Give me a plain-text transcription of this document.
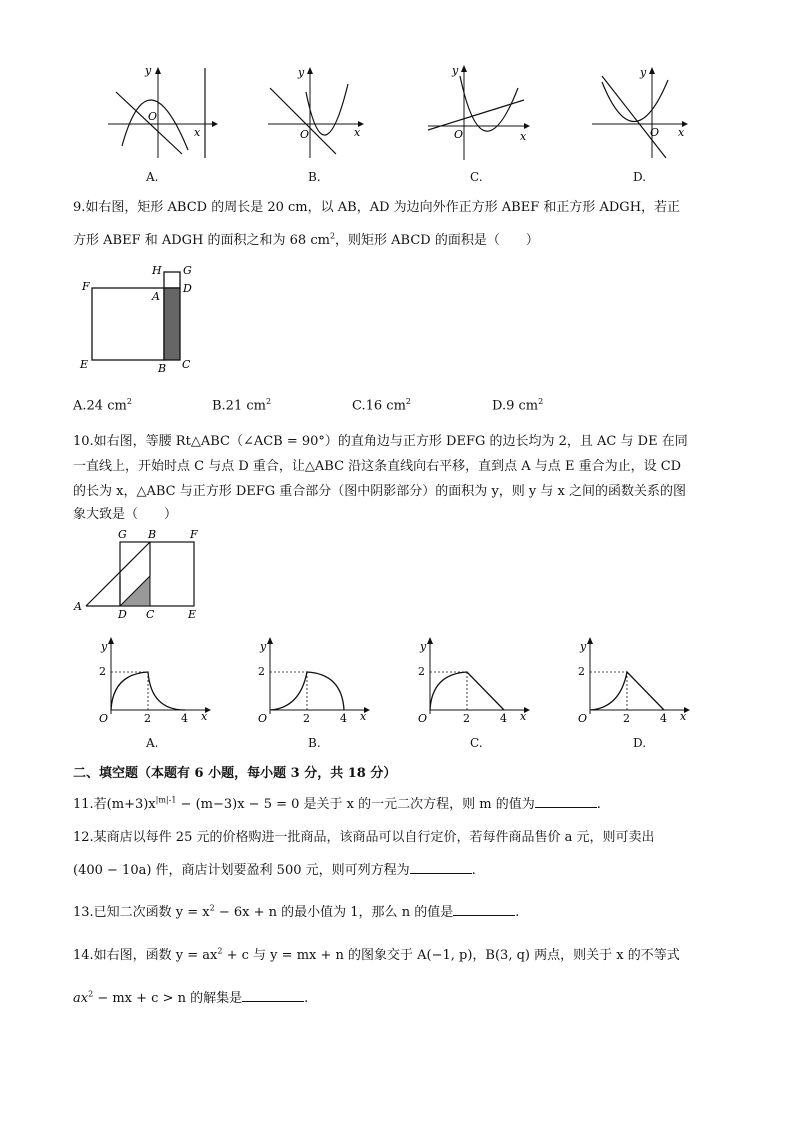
y
O
x
y
O	x
y
O	x
y
O x
A.	B.	C.	D.
9.如右图，矩形 ABCD 的周长是 20 cm，以 AB，AD 为边向外作正方形 ABEF 和正方形 ADGH，若正
方形 ABEF 和 ADGH 的面积之和为 68 $cm^2$，则矩形 ABCD 的面积是（　　）
F
H G
A
D
E	B C
A.24 $cm^2$	B.21 $cm^2$	C.16 $cm^2$	D.9 $cm^2$
10.如右图，等腰 Rt△ABC（∠ACB = 90°）的直角边与正方形 DEFG 的边长均为 2，且 AC 与 DE 在同
一直线上，开始时点 C 与点 D 重合，让△ABC 沿这条直线向右平移，直到点 A 与点 E 重合为止，设 CD
的长为 x，△ABC 与正方形 DEFG 重合部分（图中阴影部分）的面积为 y，则 y 与 x 之间的函数关系的图
象大致是（　　）
G B	F
A
D C	E
y
2
O	2	4 x
y
2
O	2	4 x
y
2
O	2	4 x
y
2
O	2	4 x
A.	B.	C.	D.
二、填空题（本题有 6 小题，每小题 3 分，共 18 分）
11.若$(m+3)x^{|m|-1} - (m-3)x - 5 = 0$ 是关于 x 的一元二次方程，则 m 的值为	.
12.某商店以每件 25 元的价格购进一批商品，该商品可以自行定价，若每件商品售价 a 元，则可卖出
(400 − 10a) 件，商店计划要盈利 500 元，则可列方程为	.
13.已知二次函数 $y = x^2 - 6x + n$ 的最小值为 1，那么 n 的值是	.
14.如右图，函数 $y = ax^2 + c$ 与 y = mx + n 的图象交于 A(−1, p)，B(3, q) 两点，则关于 x 的不等式
$ax^2$ − mx + c > n 的解集是	.
